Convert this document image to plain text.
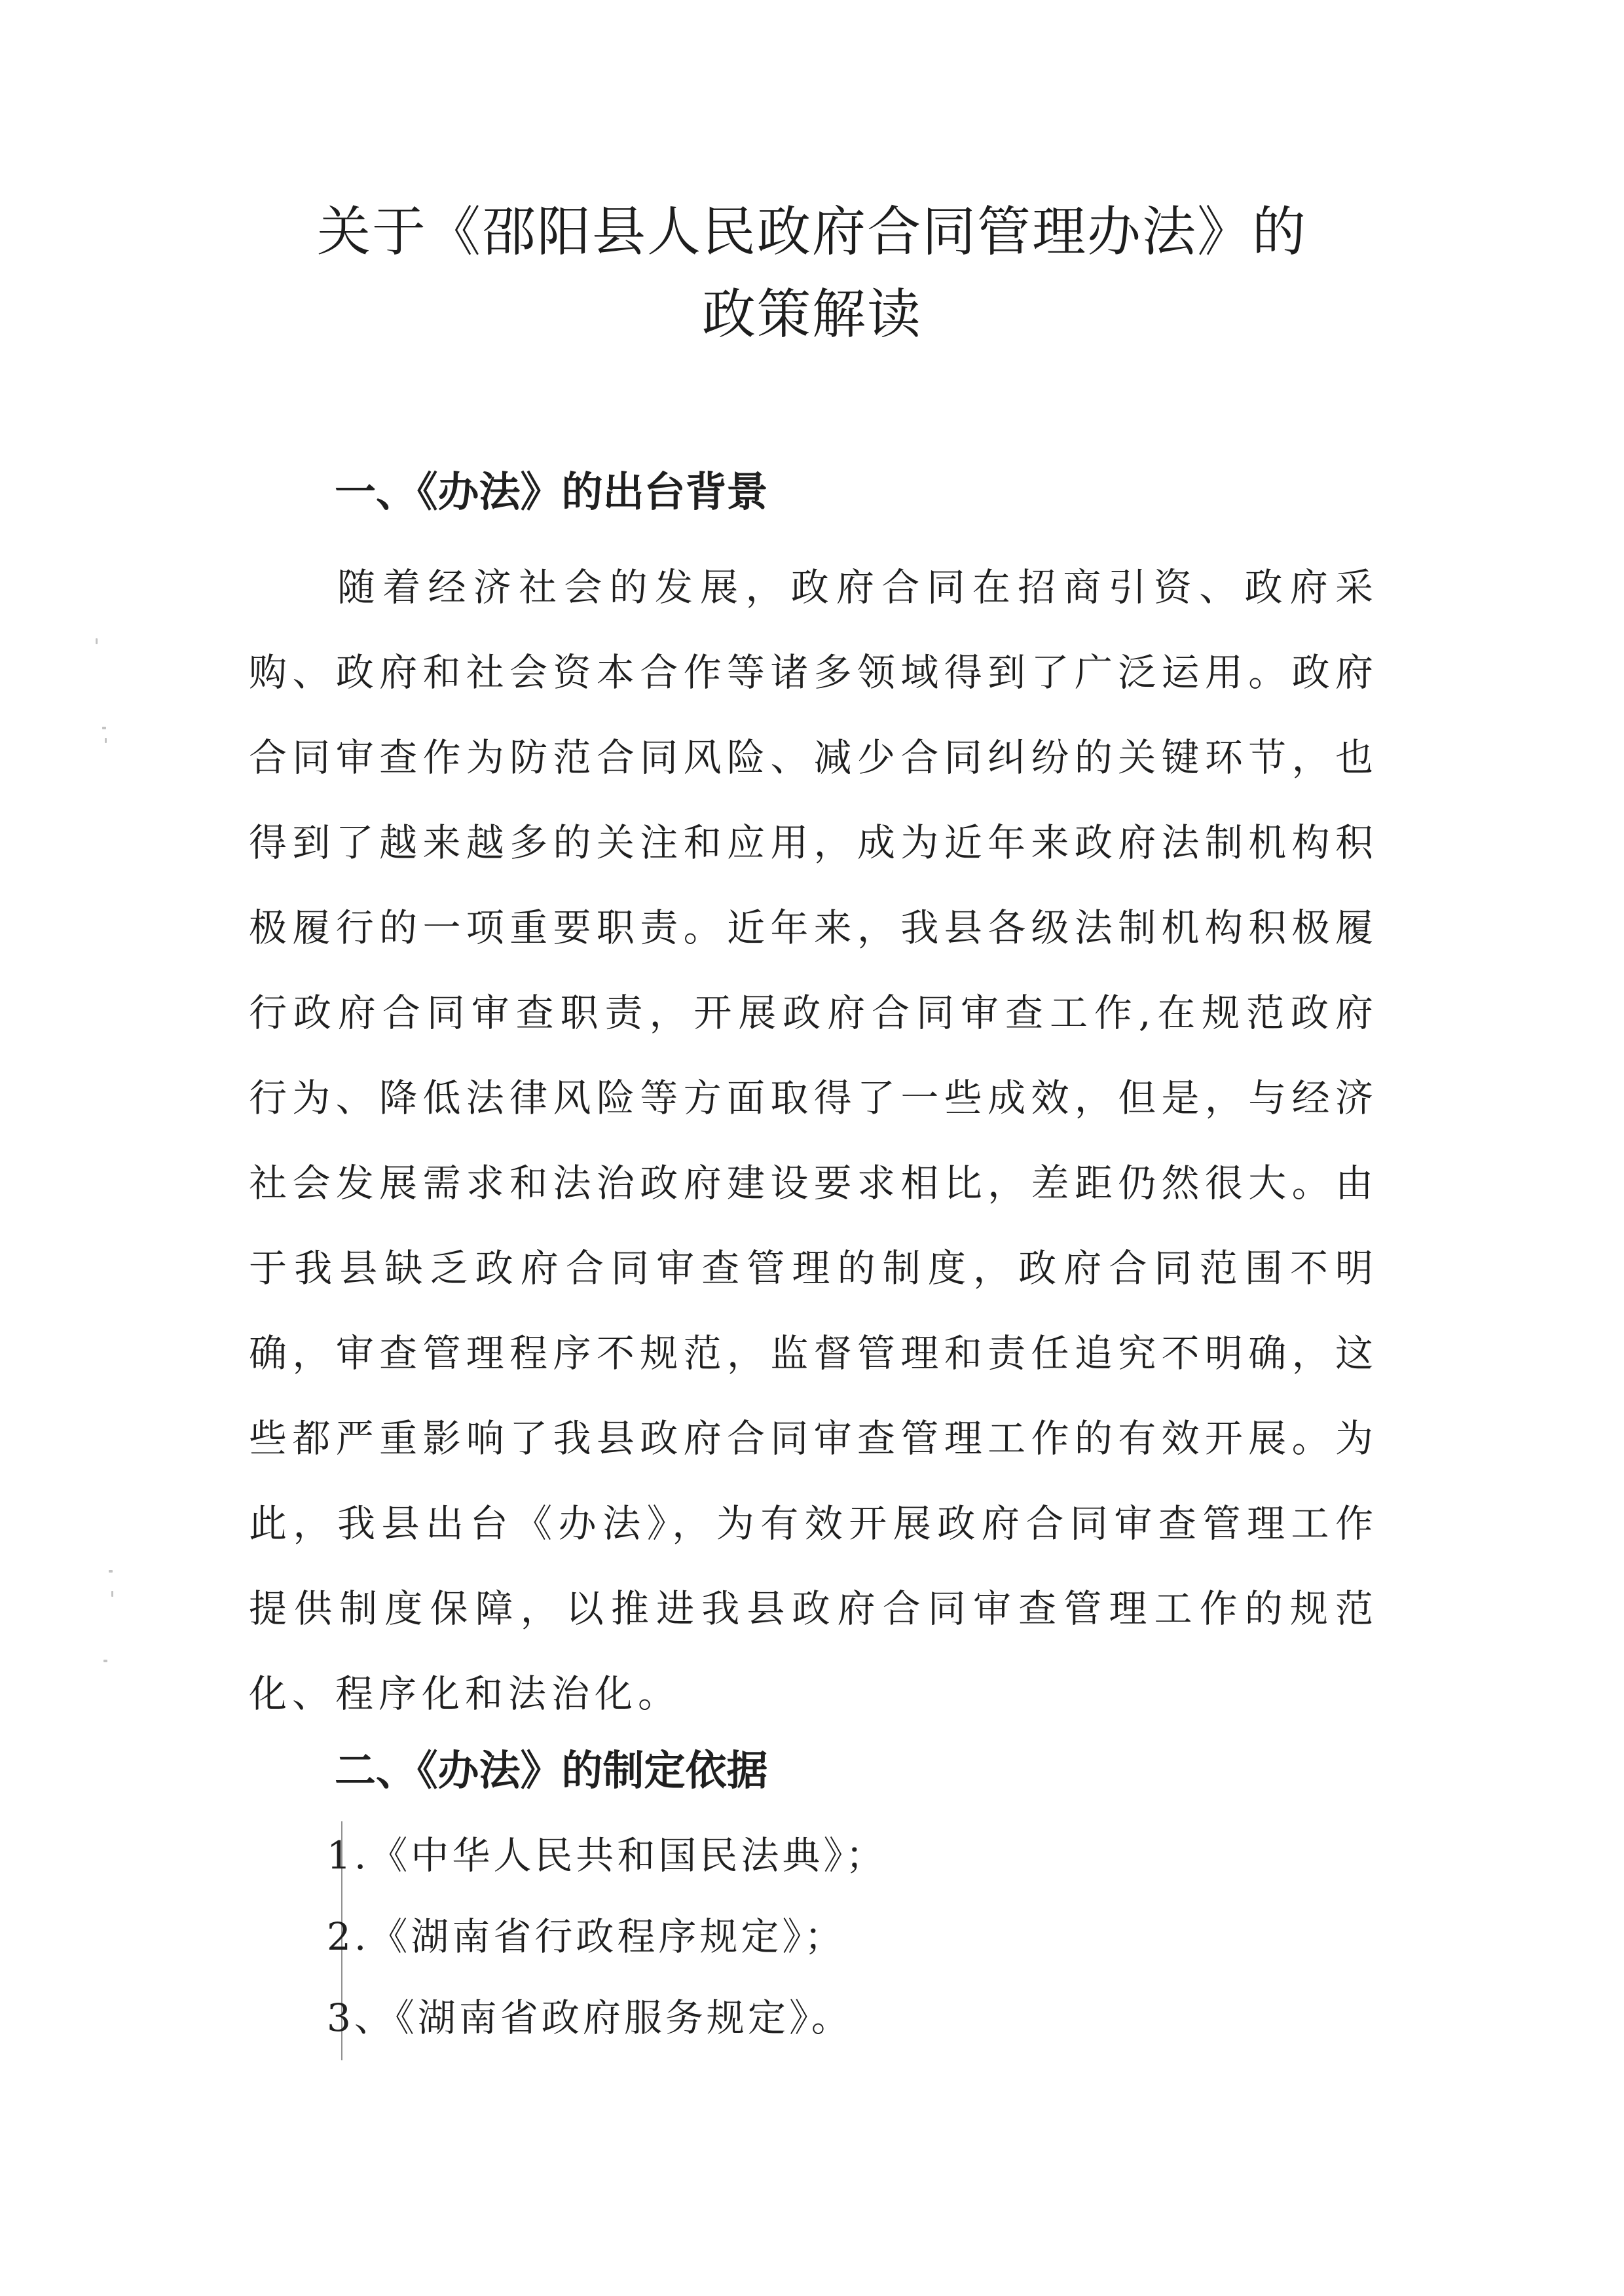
关于《邵阳县人民政府合同管理办法》的
政策解读
一、《办法》的出台背景

随着经济社会的发展，政府合同在招商引资、政府采购、政府和社会资本合作等诸多领域得到了广泛运用。政府合同审查作为防范合同风险、减少合同纠纷的关键环节，也得到了越来越多的关注和应用，成为近年来政府法制机构积极履行的一项重要职责。近年来，我县各级法制机构积极履行政府合同审查职责，开展政府合同审查工作,在规范政府行为、降低法律风险等方面取得了一些成效，但是，与经济社会发展需求和法治政府建设要求相比，差距仍然很大。由于我县缺乏政府合同审查管理的制度，政府合同范围不明确，审查管理程序不规范，监督管理和责任追究不明确，这些都严重影响了我县政府合同审查管理工作的有效开展。为此，我县出台《办法》，为有效开展政府合同审查管理工作提供制度保障，以推进我县政府合同审查管理工作的规范化、程序化和法治化。

二、《办法》的制定依据
1.《中华人民共和国民法典》；
2.《湖南省行政程序规定》；
3、《湖南省政府服务规定》。
